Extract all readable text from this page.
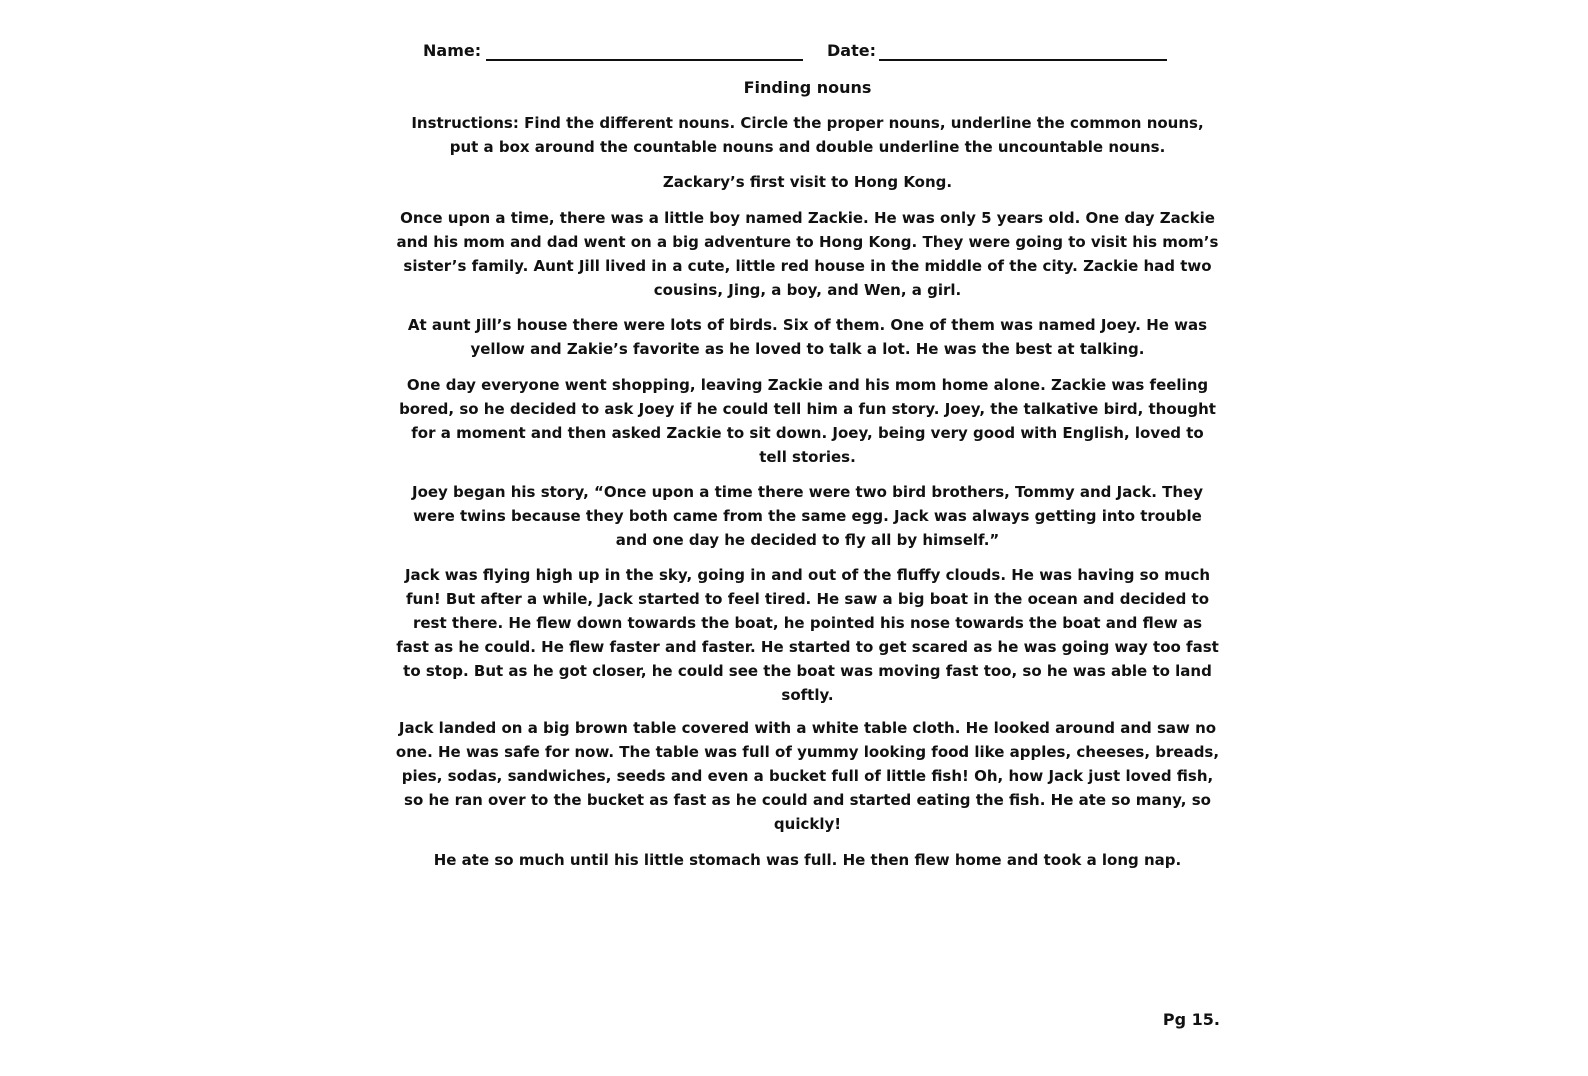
Name:	Date:
Finding nouns
Instructions: Find the different nouns. Circle the proper nouns, underline the common nouns, put a box around the countable nouns and double underline the uncountable nouns.
Zackary’s first visit to Hong Kong.
Once upon a time, there was a little boy named Zackie. He was only 5 years old. One day Zackie and his mom and dad went on a big adventure to Hong Kong. They were going to visit his mom’s sister’s family. Aunt Jill lived in a cute, little red house in the middle of the city. Zackie had two cousins, Jing, a boy, and Wen, a girl.
At aunt Jill’s house there were lots of birds. Six of them. One of them was named Joey. He was yellow and Zakie’s favorite as he loved to talk a lot. He was the best at talking.
One day everyone went shopping, leaving Zackie and his mom home alone. Zackie was feeling bored, so he decided to ask Joey if he could tell him a fun story. Joey, the talkative bird, thought for a moment and then asked Zackie to sit down. Joey, being very good with English, loved to tell stories.
Joey began his story, “Once upon a time there were two bird brothers, Tommy and Jack. They were twins because they both came from the same egg. Jack was always getting into trouble and one day he decided to fly all by himself.”
Jack was flying high up in the sky, going in and out of the fluffy clouds. He was having so much fun! But after a while, Jack started to feel tired. He saw a big boat in the ocean and decided to rest there. He flew down towards the boat, he pointed his nose towards the boat and flew as fast as he could. He flew faster and faster. He started to get scared as he was going way too fast to stop. But as he got closer, he could see the boat was moving fast too, so he was able to land softly.
Jack landed on a big brown table covered with a white table cloth. He looked around and saw no one. He was safe for now. The table was full of yummy looking food like apples, cheeses, breads, pies, sodas, sandwiches, seeds and even a bucket full of little fish! Oh, how Jack just loved fish, so he ran over to the bucket as fast as he could and started eating the fish. He ate so many, so quickly!
He ate so much until his little stomach was full. He then flew home and took a long nap.
Pg 15.
